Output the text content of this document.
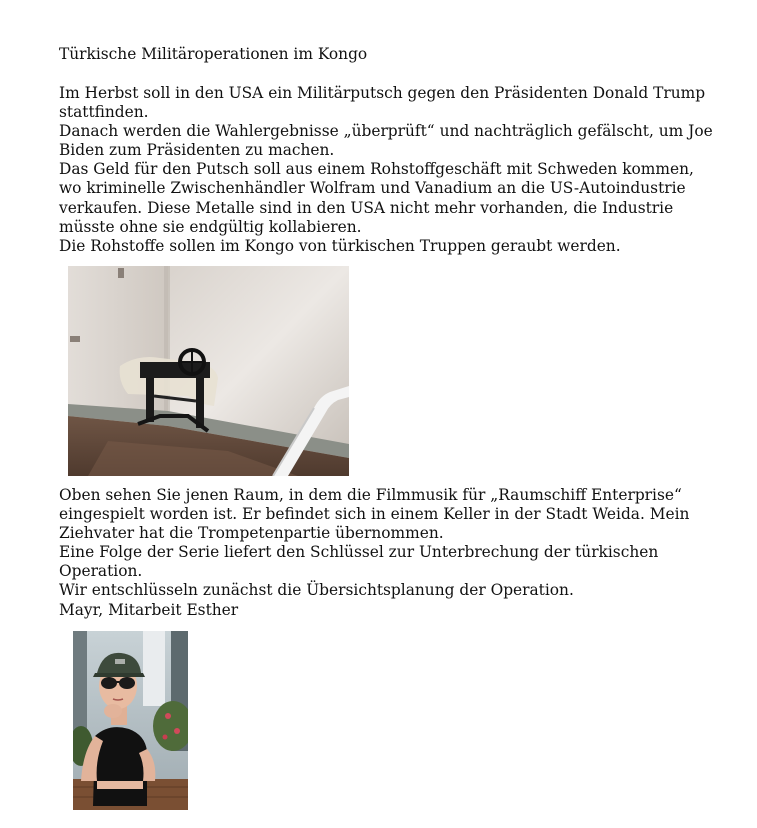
Türkische Militäroperationen im Kongo

Im Herbst soll in den USA ein Militärputsch gegen den Präsidenten Donald Trump stattfinden.

Danach werden die Wahlergebnisse „überprüft“ und nachträglich gefälscht, um Joe Biden zum Präsidenten zu machen.

Das Geld für den Putsch soll aus einem Rohstoffgeschäft mit Schweden kommen, wo kriminelle Zwischenhändler Wolfram und Vanadium an die US-Autoindustrie verkaufen. Diese Metalle sind in den USA nicht mehr vorhanden, die Industrie müsste ohne sie endgültig kollabieren.

Die Rohstoffe sollen im Kongo von türkischen Truppen geraubt werden.

Oben sehen Sie jenen Raum, in dem die Filmmusik für „Raumschiff Enterprise“ eingespielt worden ist. Er befindet sich in einem Keller in der Stadt Weida. Mein Ziehvater hat die Trompetenpartie übernommen.

Eine Folge der Serie liefert den Schlüssel zur Unterbrechung der türkischen Operation.

Wir entschlüsseln zunächst die Übersichtsplanung der Operation.

Mayr, Mitarbeit Esther
